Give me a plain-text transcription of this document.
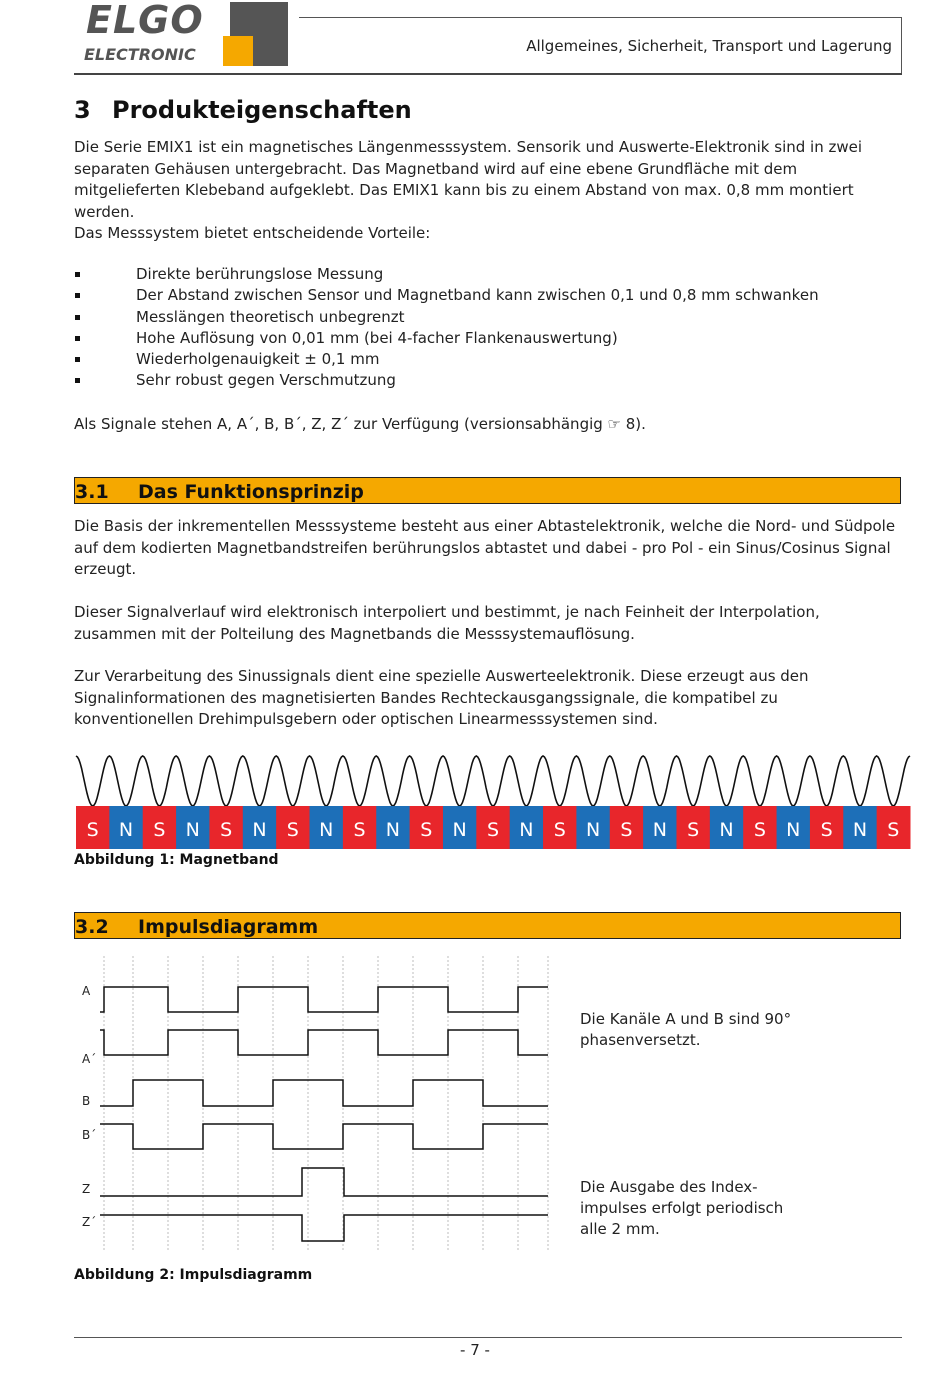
ELGO
ELECTRONIC	Allgemeines, Sicherheit, Transport und Lagerung
3 Produkteigenschaften
Die Serie EMIX1 ist ein magnetisches Längenmesssystem. Sensorik und Auswerte-Elektronik sind in zwei separaten Gehäusen untergebracht. Das Magnetband wird auf eine ebene Grundfläche mit dem mitgelieferten Klebeband aufgeklebt. Das EMIX1 kann bis zu einem Abstand von max. 0,8 mm montiert werden.
Das Messsystem bietet entscheidende Vorteile:
Direkte berührungslose Messung
Der Abstand zwischen Sensor und Magnetband kann zwischen 0,1 und 0,8 mm schwanken
Messlängen theoretisch unbegrenzt
Hohe Auflösung von 0,01 mm (bei 4-facher Flankenauswertung)
Wiederholgenauigkeit ± 0,1 mm
Sehr robust gegen Verschmutzung
Als Signale stehen A, A´, B, B´, Z, Z´ zur Verfügung (versionsabhängig ☞ 8).
3.1 Das Funktionsprinzip
Die Basis der inkrementellen Messsysteme besteht aus einer Abtastelektronik, welche die Nord- und Südpole auf dem kodierten Magnetbandstreifen berührungslos abtastet und dabei - pro Pol - ein Sinus/Cosinus Signal erzeugt.
Dieser Signalverlauf wird elektronisch interpoliert und bestimmt, je nach Feinheit der Interpolation, zusammen mit der Polteilung des Magnetbands die Messsystemauflösung.
Zur Verarbeitung des Sinussignals dient eine spezielle Auswerteelektronik. Diese erzeugt aus den Signalinformationen des magnetisierten Bandes Rechteckausgangssignale, die kompatibel zu konventionellen Drehimpulsgebern oder optischen Linearmesssystemen sind.
S N S N S N S N S N S N S N S N S N S N S N S N S
Abbildung 1: Magnetband
3.2 Impulsdiagramm
A
A´
B
B´
Z
Z´
Die Kanäle A und B sind 90° phasenversetzt.
Die Ausgabe des Index-impulses erfolgt periodisch alle 2 mm.
Abbildung 2: Impulsdiagramm
- 7 -
